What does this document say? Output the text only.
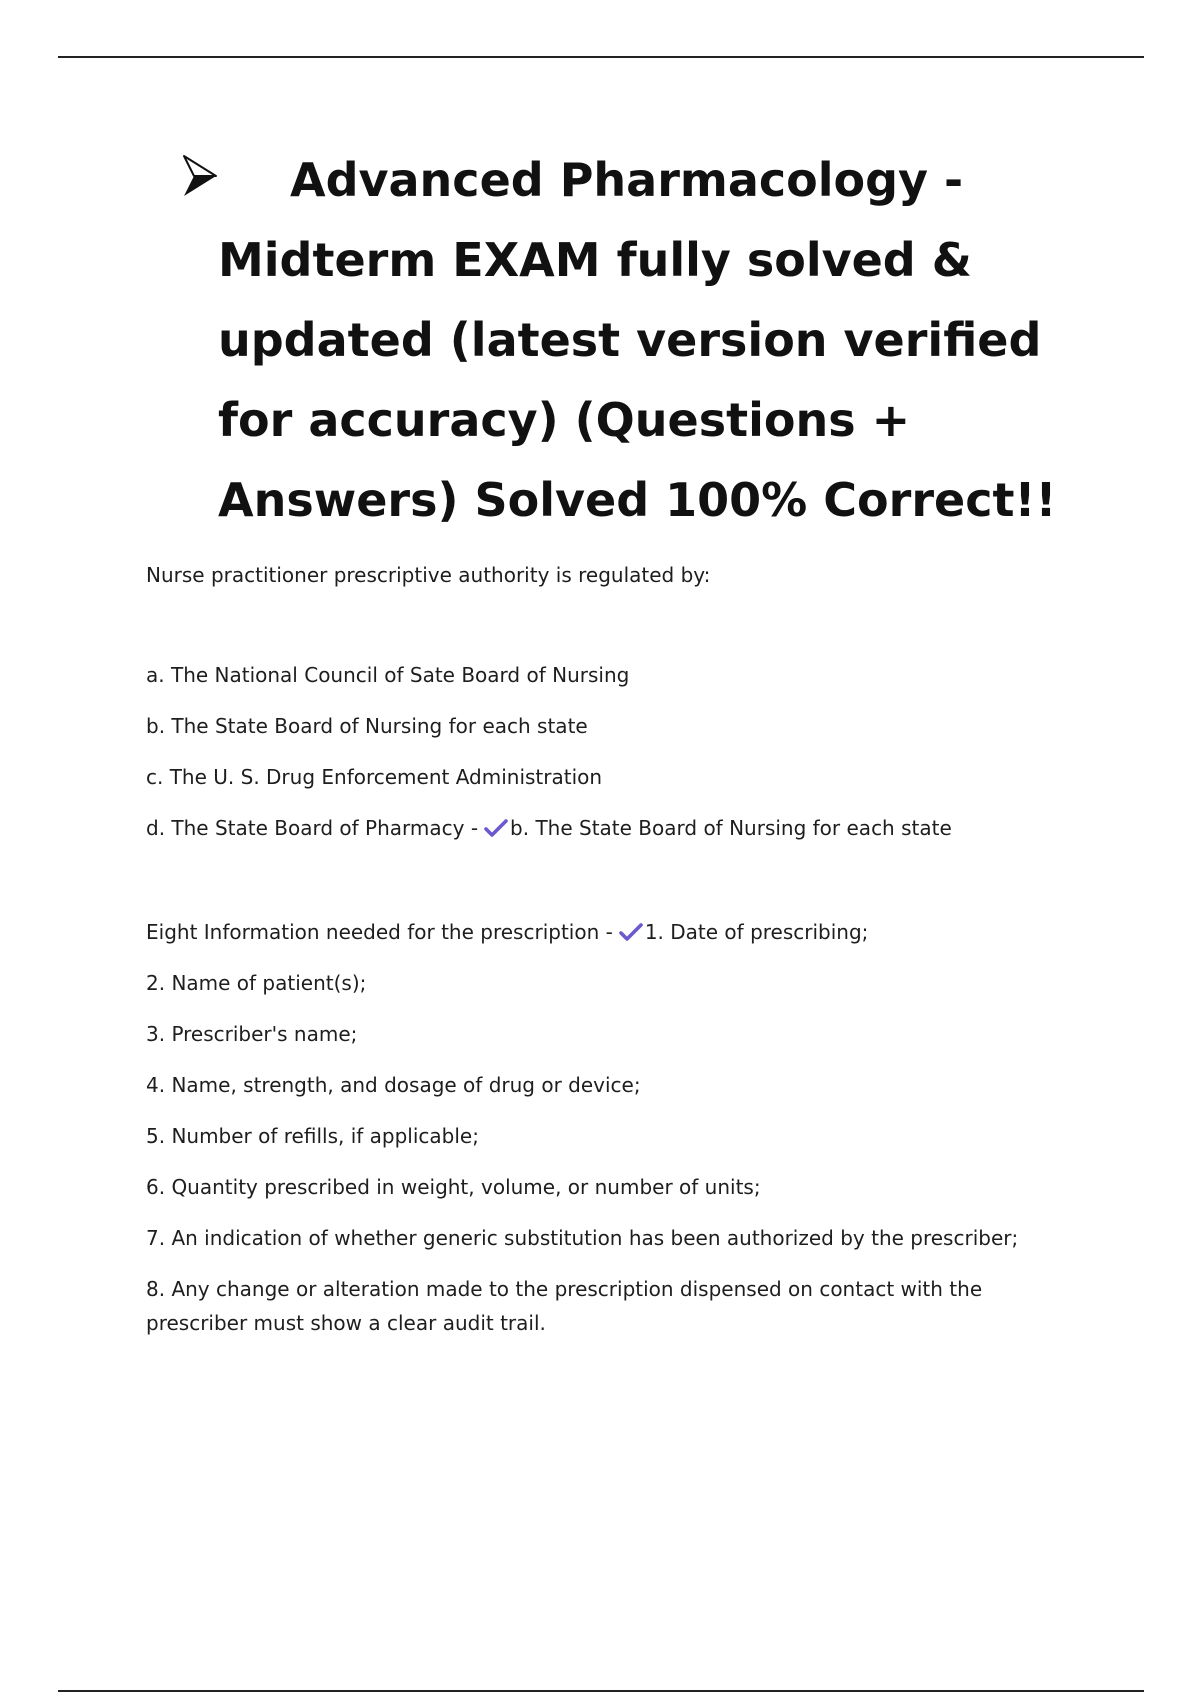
Advanced Pharmacology - Midterm EXAM fully solved & updated (latest version verified for accuracy) (Questions + Answers) Solved 100% Correct!!

Nurse practitioner prescriptive authority is regulated by:

a. The National Council of Sate Board of Nursing

b. The State Board of Nursing for each state

c. The U. S. Drug Enforcement Administration

d. The State Board of Pharmacy - b. The State Board of Nursing for each state

Eight Information needed for the prescription - 1. Date of prescribing;

2. Name of patient(s);

3. Prescriber's name;

4. Name, strength, and dosage of drug or device;

5. Number of refills, if applicable;

6. Quantity prescribed in weight, volume, or number of units;

7. An indication of whether generic substitution has been authorized by the prescriber;

8. Any change or alteration made to the prescription dispensed on contact with the prescriber must show a clear audit trail.
